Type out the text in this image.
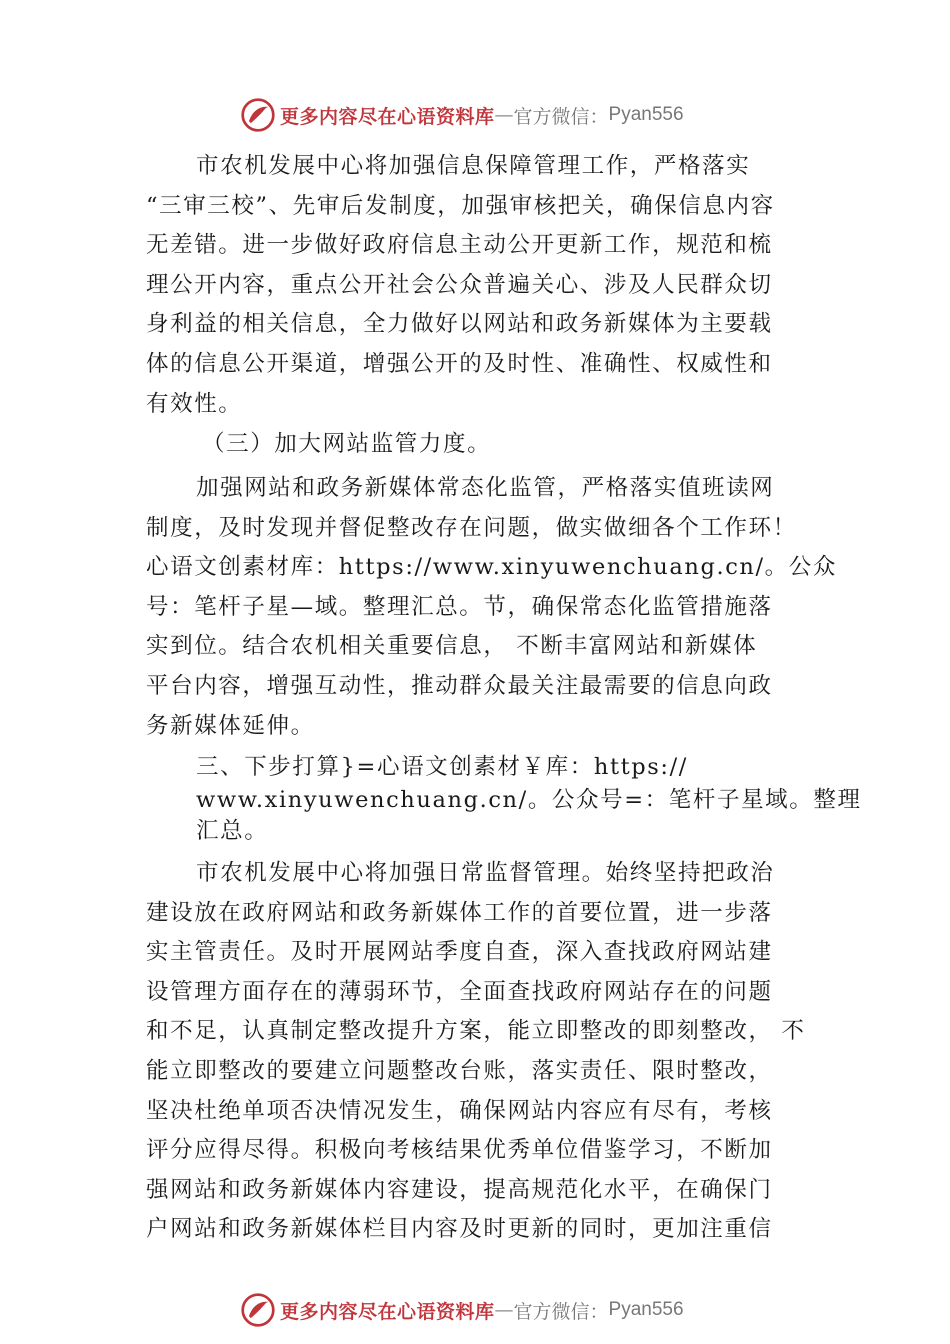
更多内容尽在心语资料库 — 官方微信： Pyan556
市农机发展中心将加强信息保障管理工作，严格落实
“三审三校”、先审后发制度，加强审核把关，确保信息内容
无差错。进一步做好政府信息主动公开更新工作，规范和梳
理公开内容，重点公开社会公众普遍关心、涉及人民群众切
身利益的相关信息，全力做好以网站和政务新媒体为主要载
体的信息公开渠道，增强公开的及时性、准确性、权威性和
有效性。
（三）加大网站监管力度。
加强网站和政务新媒体常态化监管，严格落实值班读网
制度，及时发现并督促整改存在问题，做实做细各个工作环！
心语文创素材库：https://www.xinyuwenchuang.cn/。公众
号：笔杆子星—域。整理汇总。节，确保常态化监管措施落
实到位。结合农机相关重要信息， 不断丰富网站和新媒体
平台内容，增强互动性，推动群众最关注最需要的信息向政
务新媒体延伸。
三、下步打算}=心语文创素材￥库：https://
www.xinyuwenchuang.cn/。公众号=：笔杆子星域。整理
汇总。
市农机发展中心将加强日常监督管理。始终坚持把政治
建设放在政府网站和政务新媒体工作的首要位置，进一步落
实主管责任。及时开展网站季度自查，深入查找政府网站建
设管理方面存在的薄弱环节，全面查找政府网站存在的问题
和不足，认真制定整改提升方案，能立即整改的即刻整改， 不
能立即整改的要建立问题整改台账，落实责任、限时整改，
坚决杜绝单项否决情况发生，确保网站内容应有尽有，考核
评分应得尽得。积极向考核结果优秀单位借鉴学习，不断加
强网站和政务新媒体内容建设，提高规范化水平，在确保门
户网站和政务新媒体栏目内容及时更新的同时，更加注重信
更多内容尽在心语资料库 — 官方微信： Pyan556
